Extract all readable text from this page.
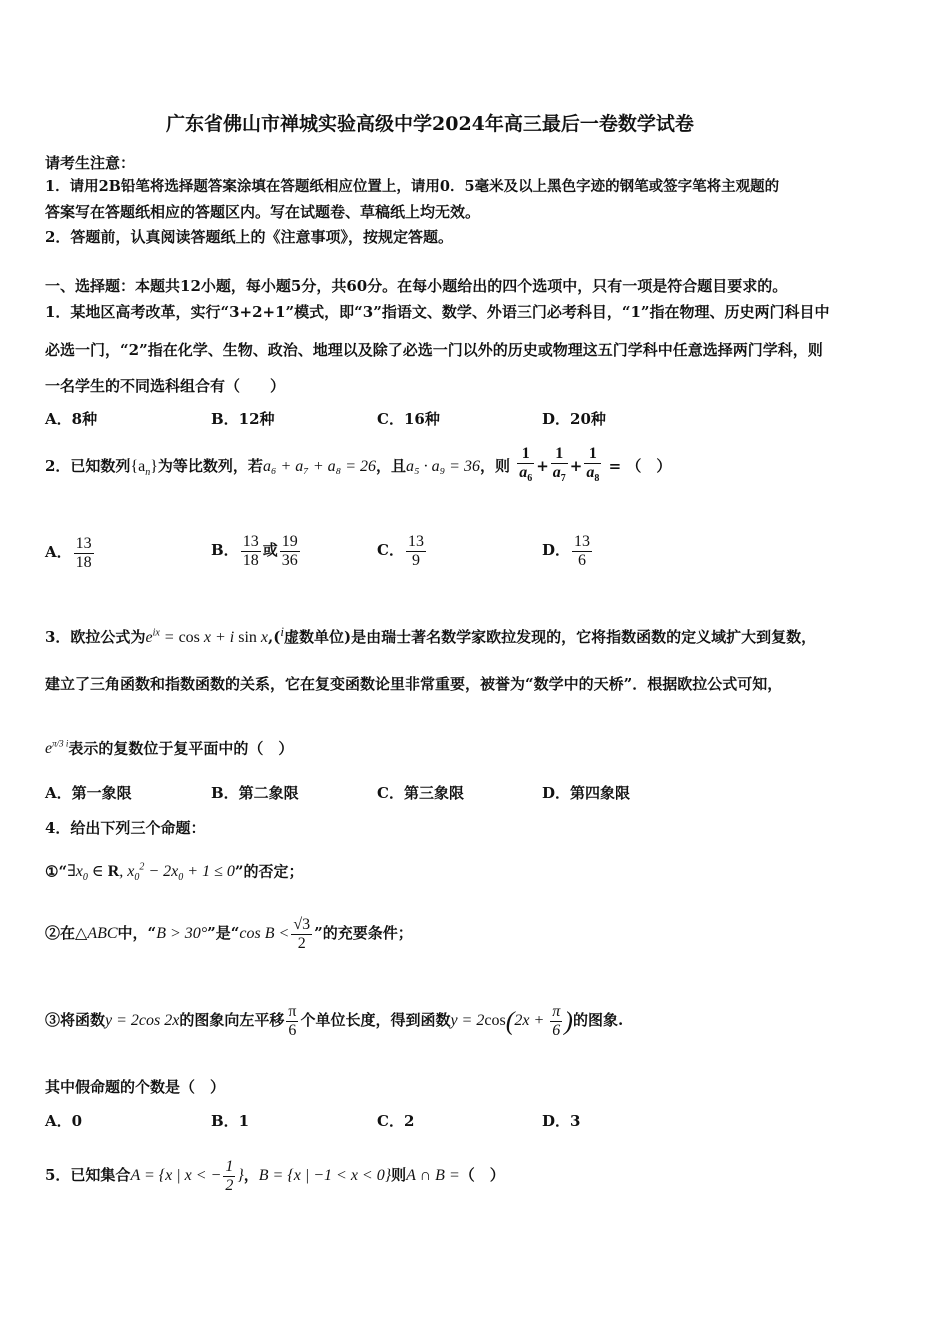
广东省佛山市禅城实验高级中学2024年高三最后一卷数学试卷
请考生注意：
1．请用2B铅笔将选择题答案涂填在答题纸相应位置上，请用0．5毫米及以上黑色字迹的钢笔或签字笔将主观题的
答案写在答题纸相应的答题区内。写在试题卷、草稿纸上均无效。
2．答题前，认真阅读答题纸上的《注意事项》，按规定答题。
一、选择题：本题共12小题，每小题5分，共60分。在每小题给出的四个选项中，只有一项是符合题目要求的。
1．某地区高考改革，实行“3+2+1”模式，即“3”指语文、数学、外语三门必考科目，“1”指在物理、历史两门科目中
必选一门，“2”指在化学、生物、政治、地理以及除了必选一门以外的历史或物理这五门学科中任意选择两门学科，则
一名学生的不同选科组合有（　　）
A．8种	B．12种	C．16种	D．20种
2．已知数列$\{a_n\}$为等比数列，若a₆ + a₇ + a₈ = 26，且a₅ · a₉ = 36，则 $\frac{1}{a_6} + \frac{1}{a_7} + \frac{1}{a_8}$ = （　）
A． $\frac{13}{18}$	B． $\frac{13}{18}$ 或 $\frac{19}{36}$	C． $\frac{13}{9}$	D． $\frac{13}{6}$
3．欧拉公式为$e^{ix} = \cos x + i$ sin x,(i虚数单位)是由瑞士著名数学家欧拉发现的，它将指数函数的定义域扩大到复数，
建立了三角函数和指数函数的关系，它在复变函数论里非常重要，被誉为“数学中的天桥”．根据欧拉公式可知，
$e^{\pi/3 i}$表示的复数位于复平面中的（　）
A．第一象限	B．第二象限	C．第三象限	D．第四象限
4．给出下列三个命题：
$①“\exists x_0$ ∈ R, $x_0^2 - 2x_0 + 1 \le 0$”的否定；
②在△ABC中，“B > 30°”是“cos $B < \frac{√3}{2}$ ”的充要条件；
③将函数y = 2cos 2x的图象向左平移 $\frac{\pi}{6}$ 个单位长度，得到函数$y = 2\cos(2x + \frac{\pi}{6}$ )的图象.
其中假命题的个数是（　）
A．0	B．1	C．2	D．3
5．已知集合A = {x | x < − $\frac{1}{2}$ }，B = {x | −1 < x < 0}则A ∩ B =（　）
